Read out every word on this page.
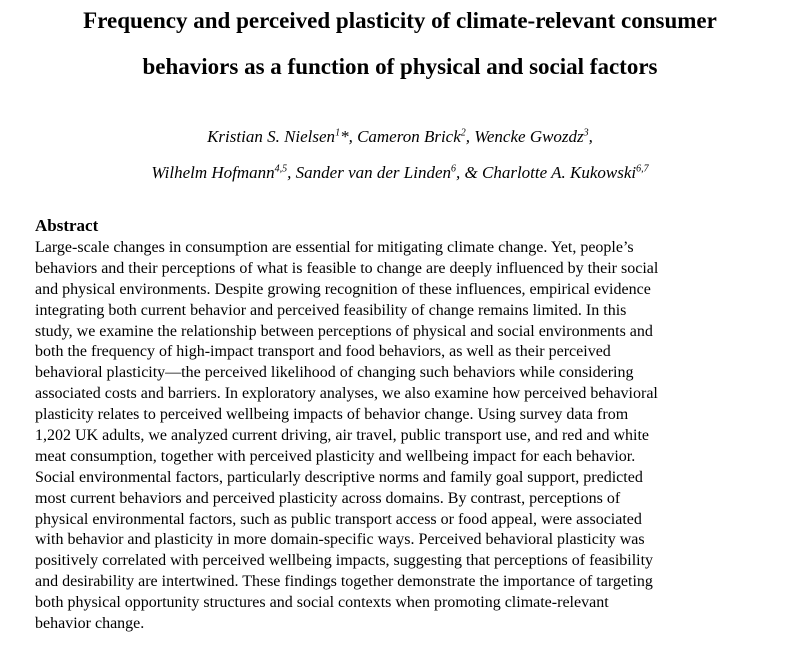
Frequency and perceived plasticity of climate-relevant consumer
behaviors as a function of physical and social factors
Kristian S. Nielsen$^1$*, Cameron Brick$^2$, Wencke Gwozdz$^3$,
Wilhelm Hofmann$^{4,5}$, Sander van der Linden$^6$, & Charlotte A. Kukowski$^{6,7}$
Abstract
Large-scale changes in consumption are essential for mitigating climate change. Yet, people’s
behaviors and their perceptions of what is feasible to change are deeply influenced by their social
and physical environments. Despite growing recognition of these influences, empirical evidence
integrating both current behavior and perceived feasibility of change remains limited. In this
study, we examine the relationship between perceptions of physical and social environments and
both the frequency of high-impact transport and food behaviors, as well as their perceived
behavioral plasticity—the perceived likelihood of changing such behaviors while considering
associated costs and barriers. In exploratory analyses, we also examine how perceived behavioral
plasticity relates to perceived wellbeing impacts of behavior change. Using survey data from
1,202 UK adults, we analyzed current driving, air travel, public transport use, and red and white
meat consumption, together with perceived plasticity and wellbeing impact for each behavior.
Social environmental factors, particularly descriptive norms and family goal support, predicted
most current behaviors and perceived plasticity across domains. By contrast, perceptions of
physical environmental factors, such as public transport access or food appeal, were associated
with behavior and plasticity in more domain-specific ways. Perceived behavioral plasticity was
positively correlated with perceived wellbeing impacts, suggesting that perceptions of feasibility
and desirability are intertwined. These findings together demonstrate the importance of targeting
both physical opportunity structures and social contexts when promoting climate-relevant
behavior change.
